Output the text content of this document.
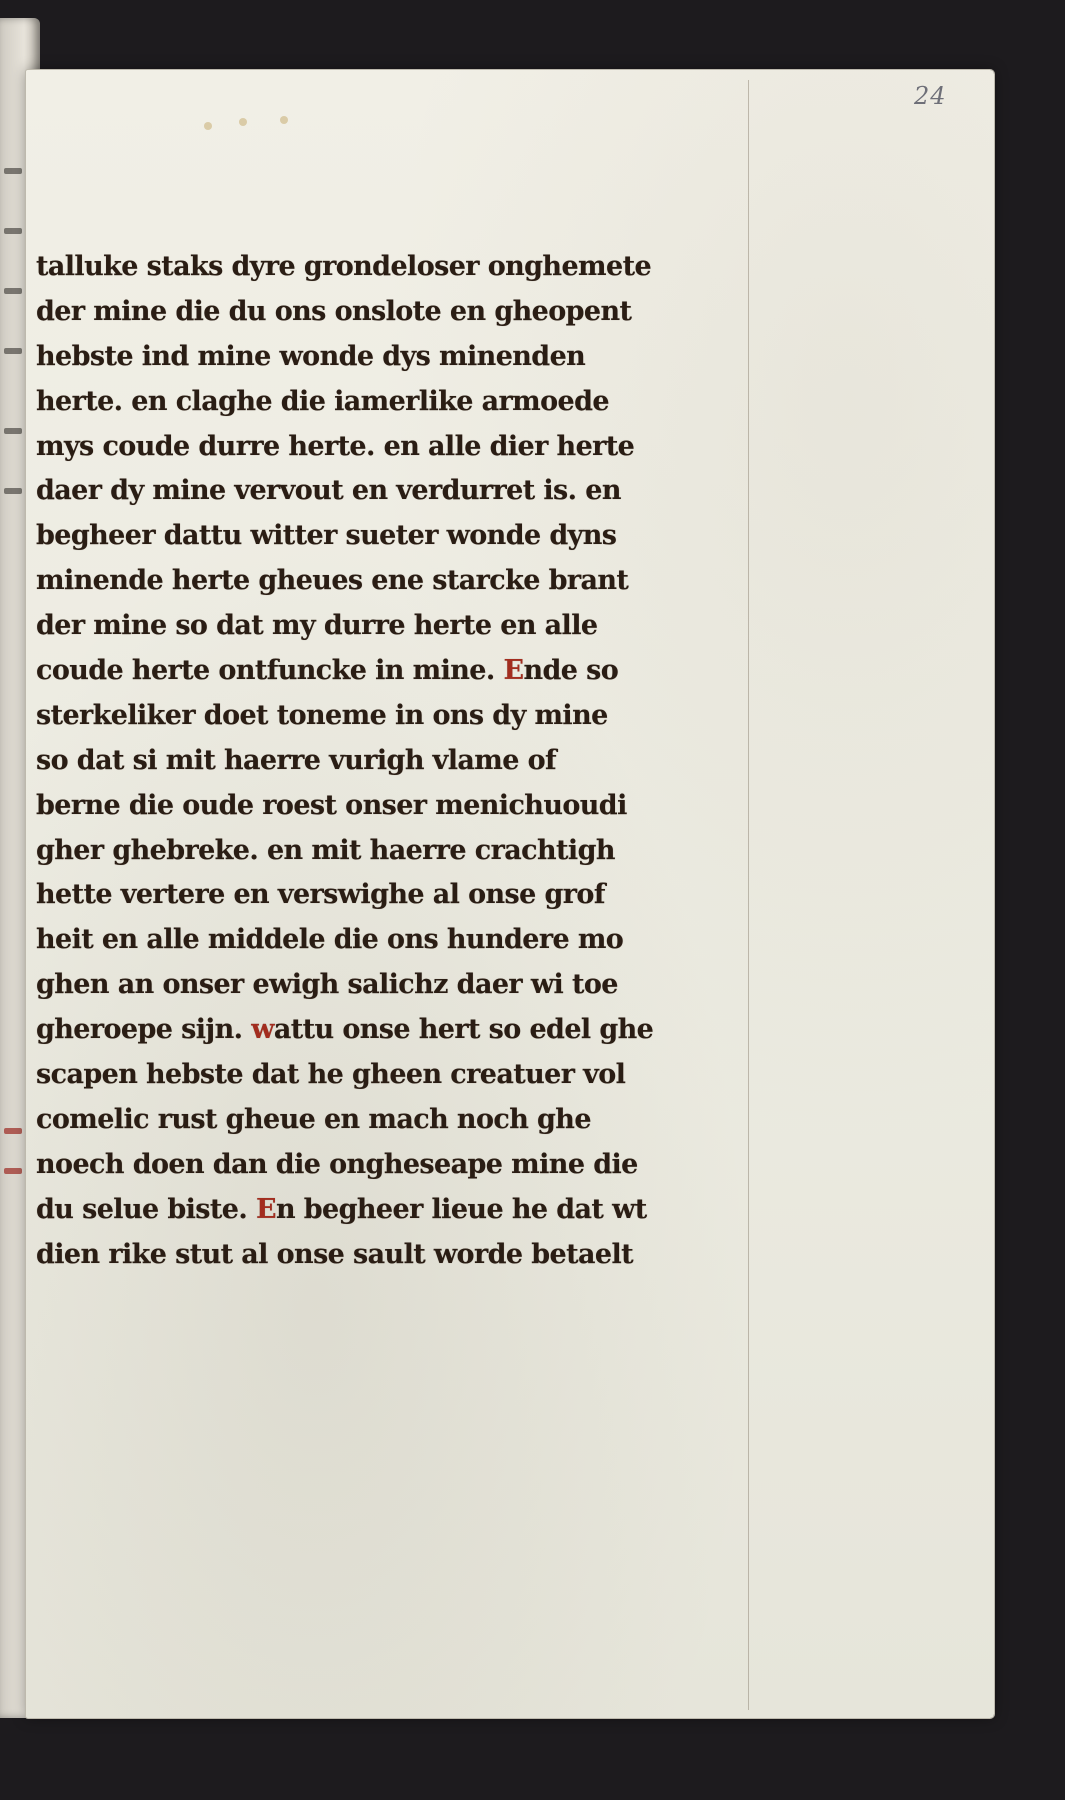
24
talluke staks dyre grondeloser onghemete
der mine die du ons onslote en gheopent
hebste ind mine wonde dys minenden
herte. en claghe die iamerlike armoede
mys coude durre herte. en alle dier herte
daer dy mine vervout en verdurret is. en
begheer dattu witter sueter wonde dyns
minende herte gheues ene starcke brant
der mine so dat my durre herte en alle
coude herte ontfuncke in mine. Ende so
sterkeliker doet toneme in ons dy mine
so dat si mit haerre vurigh vlame of
berne die oude roest onser menichuoudi
gher ghebreke. en mit haerre crachtigh
hette vertere en verswighe al onse grof
heit en alle middele die ons hundere mo
ghen an onser ewigh salichz daer wi toe
gheroepe sijn. wattu onse hert so edel ghe
scapen hebste dat he gheen creatuer vol
comelic rust gheue en mach noch ghe
noech doen dan die ongheseape mine die
du selue biste. En begheer lieue he dat wt
dien rike stut al onse sault worde betaelt
